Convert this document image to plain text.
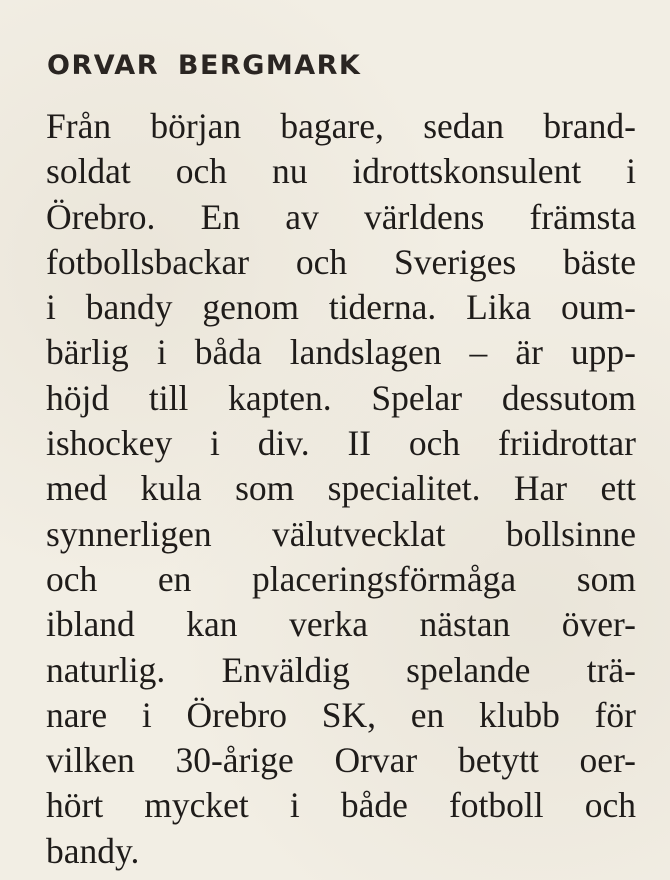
ORVAR BERGMARK
Från början bagare, sedan brand-
soldat och nu idrottskonsulent i
Örebro. En av världens främsta
fotbollsbackar och Sveriges bäste
i bandy genom tiderna. Lika oum-
bärlig i båda landslagen – är upp-
höjd till kapten. Spelar dessutom
ishockey i div. II och friidrottar
med kula som specialitet. Har ett
synnerligen välutvecklat bollsinne
och en placeringsförmåga som
ibland kan verka nästan över-
naturlig. Enväldig spelande trä-
nare i Örebro SK, en klubb för
vilken 30-årige Orvar betytt oer-
hört mycket i både fotboll och
bandy.
